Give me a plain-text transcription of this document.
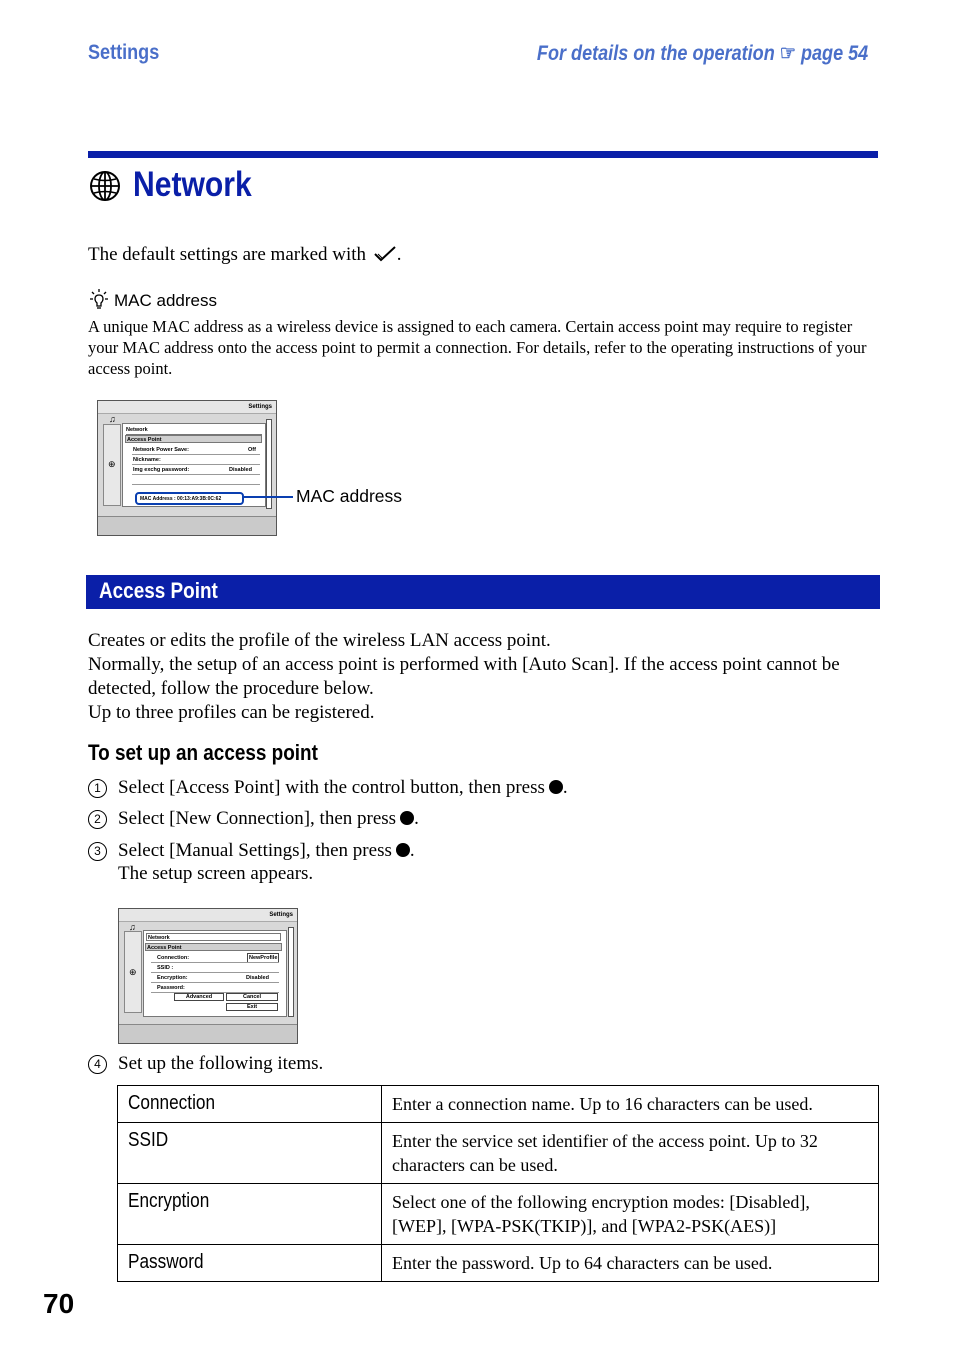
Settings	For details on the operation ☞ page 54
Network
The default settings are marked with .
MAC address
A unique MAC address as a wireless device is assigned to each camera. Certain access point may require to register your MAC address onto the access point to permit a connection. For details, refer to the operating instructions of your access point.
Settings
♫
⊕
Network
Access Point
Network Power Save:	Off
Nickname:
Img exchg password:	Disabled
MAC Address : 00:13:A9:3B:0C:62	MAC address
Access Point
Creates or edits the profile of the wireless LAN access point.
Normally, the setup of an access point is performed with [Auto Scan]. If the access point cannot be detected, follow the procedure below.
Up to three profiles can be registered.
To set up an access point
1 Select [Access Point] with the control button, then press .
2 Select [New Connection], then press .
3 Select [Manual Settings], then press .
The setup screen appears.
Settings
♫
⊕
Network
Access Point
Connection:	NewProfile
SSID :
Encryption:	Disabled
Password:
Advanced	Cancel
Exit
4 Set up the following items.
Connection	Enter a connection name. Up to 16 characters can be used.
SSID	Enter the service set identifier of the access point. Up to 32 characters can be used.
Encryption	Select one of the following encryption modes: [Disabled], [WEP], [WPA-PSK(TKIP)], and [WPA2-PSK(AES)]
Password	Enter the password. Up to 64 characters can be used.
70
